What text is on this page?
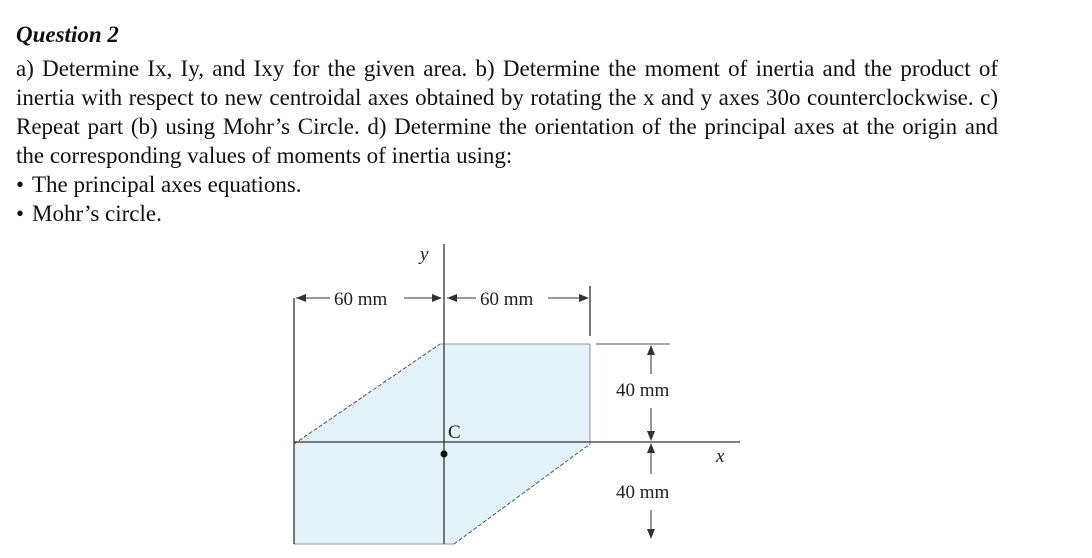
Question 2
a) Determine Ix, Iy, and Ixy for the given area. b) Determine the moment of inertia and the product of inertia with respect to new centroidal axes obtained by rotating the x and y axes 30o counterclockwise. c) Repeat part (b) using Mohr’s Circle. d) Determine the orientation of the principal axes at the origin and the corresponding values of moments of inertia using:
• The principal axes equations.
• Mohr’s circle.
y
x
C
60 mm	60 mm
40 mm
40 mm
